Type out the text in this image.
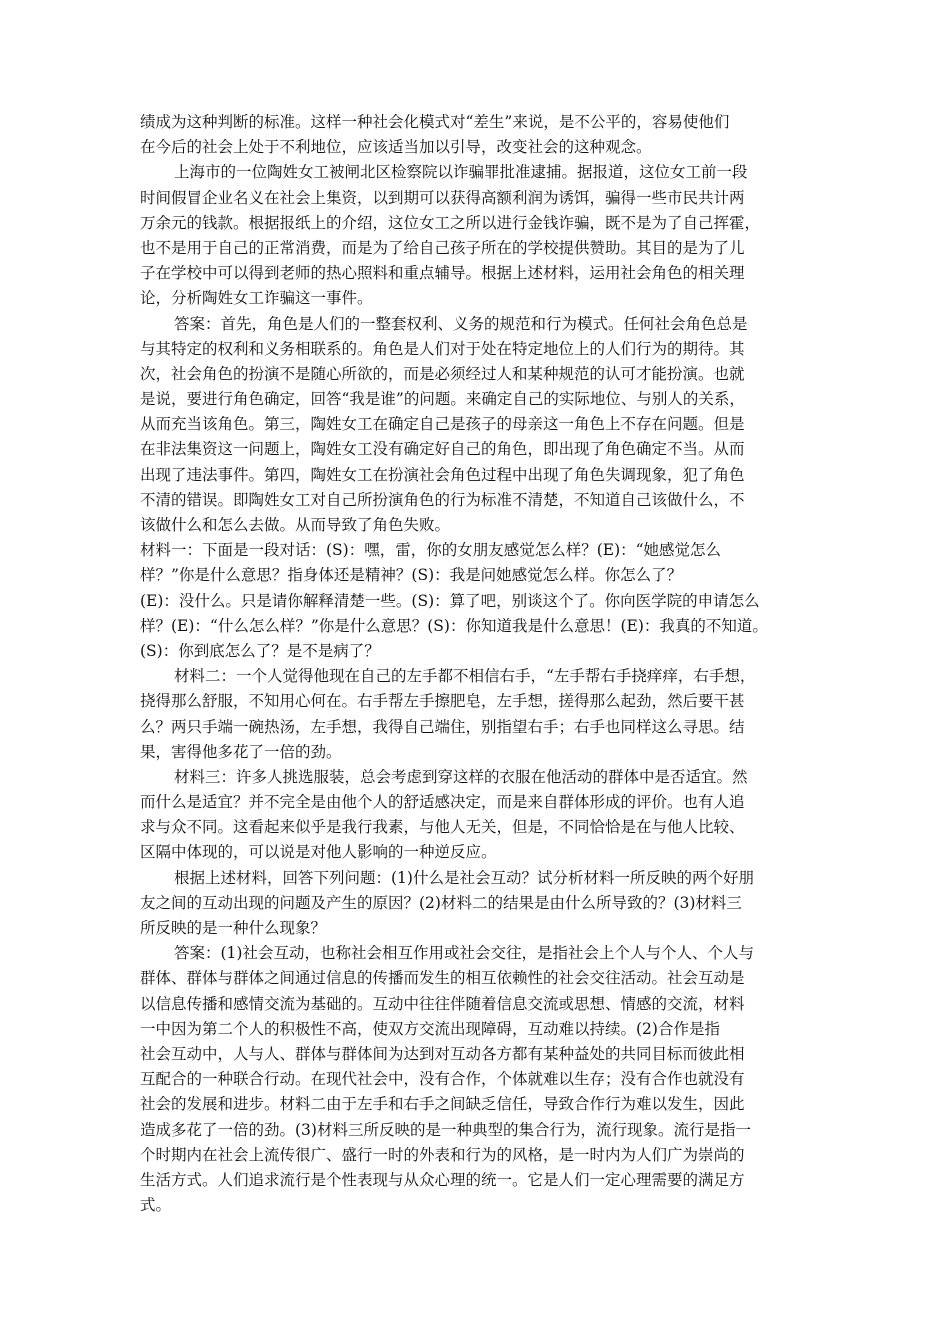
绩成为这种判断的标准。这样一种社会化模式对“差生”来说，是不公平的，容易使他们
在今后的社会上处于不利地位，应该适当加以引导，改变社会的这种观念。
上海市的一位陶姓女工被闸北区检察院以诈骗罪批准逮捕。据报道，这位女工前一段
时间假冒企业名义在社会上集资，以到期可以获得高额利润为诱饵，骗得一些市民共计两
万余元的钱款。根据报纸上的介绍，这位女工之所以进行金钱诈骗，既不是为了自己挥霍，
也不是用于自己的正常消费，而是为了给自己孩子所在的学校提供赞助。其目的是为了儿
子在学校中可以得到老师的热心照料和重点辅导。根据上述材料，运用社会角色的相关理
论，分析陶姓女工诈骗这一事件。
答案：首先，角色是人们的一整套权利、义务的规范和行为模式。任何社会角色总是
与其特定的权利和义务相联系的。角色是人们对于处在特定地位上的人们行为的期待。其
次，社会角色的扮演不是随心所欲的，而是必须经过人和某种规范的认可才能扮演。也就
是说，要进行角色确定，回答“我是谁”的问题。来确定自己的实际地位、与别人的关系，
从而充当该角色。第三，陶姓女工在确定自己是孩子的母亲这一角色上不存在问题。但是
在非法集资这一问题上，陶姓女工没有确定好自己的角色，即出现了角色确定不当。从而
出现了违法事件。第四，陶姓女工在扮演社会角色过程中出现了角色失调现象，犯了角色
不清的错误。即陶姓女工对自己所扮演角色的行为标准不清楚，不知道自己该做什么，不
该做什么和怎么去做。从而导致了角色失败。
材料一：下面是一段对话：(S)：嘿，雷，你的女朋友感觉怎么样？(E)：“她感觉怎么
样？”你是什么意思？指身体还是精神？(S)：我是问她感觉怎么样。你怎么了？
(E)：没什么。只是请你解释清楚一些。(S)：算了吧，别谈这个了。你向医学院的申请怎么
样？(E)：“什么怎么样？”你是什么意思？(S)：你知道我是什么意思！(E)：我真的不知道。
(S)：你到底怎么了？是不是病了？
材料二：一个人觉得他现在自己的左手都不相信右手，“左手帮右手挠痒痒，右手想，
挠得那么舒服，不知用心何在。右手帮左手擦肥皂，左手想，搓得那么起劲，然后要干甚
么？两只手端一碗热汤，左手想，我得自己端住，别指望右手；右手也同样这么寻思。结
果，害得他多花了一倍的劲。
材料三：许多人挑选服装，总会考虑到穿这样的衣服在他活动的群体中是否适宜。然
而什么是适宜？并不完全是由他个人的舒适感决定，而是来自群体形成的评价。也有人追
求与众不同。这看起来似乎是我行我素，与他人无关，但是，不同恰恰是在与他人比较、
区隔中体现的，可以说是对他人影响的一种逆反应。
根据上述材料，回答下列问题：(1)什么是社会互动？试分析材料一所反映的两个好朋
友之间的互动出现的问题及产生的原因？(2)材料二的结果是由什么所导致的？(3)材料三
所反映的是一种什么现象？
答案：(1)社会互动，也称社会相互作用或社会交往，是指社会上个人与个人、个人与
群体、群体与群体之间通过信息的传播而发生的相互依赖性的社会交往活动。社会互动是
以信息传播和感情交流为基础的。互动中往往伴随着信息交流或思想、情感的交流，材料
一中因为第二个人的积极性不高，使双方交流出现障碍，互动难以持续。(2)合作是指
社会互动中，人与人、群体与群体间为达到对互动各方都有某种益处的共同目标而彼此相
互配合的一种联合行动。在现代社会中，没有合作，个体就难以生存；没有合作也就没有
社会的发展和进步。材料二由于左手和右手之间缺乏信任，导致合作行为难以发生，因此
造成多花了一倍的劲。(3)材料三所反映的是一种典型的集合行为，流行现象。流行是指一
个时期内在社会上流传很广、盛行一时的外表和行为的风格，是一时内为人们广为崇尚的
生活方式。人们追求流行是个性表现与从众心理的统一。它是人们一定心理需要的满足方
式。
